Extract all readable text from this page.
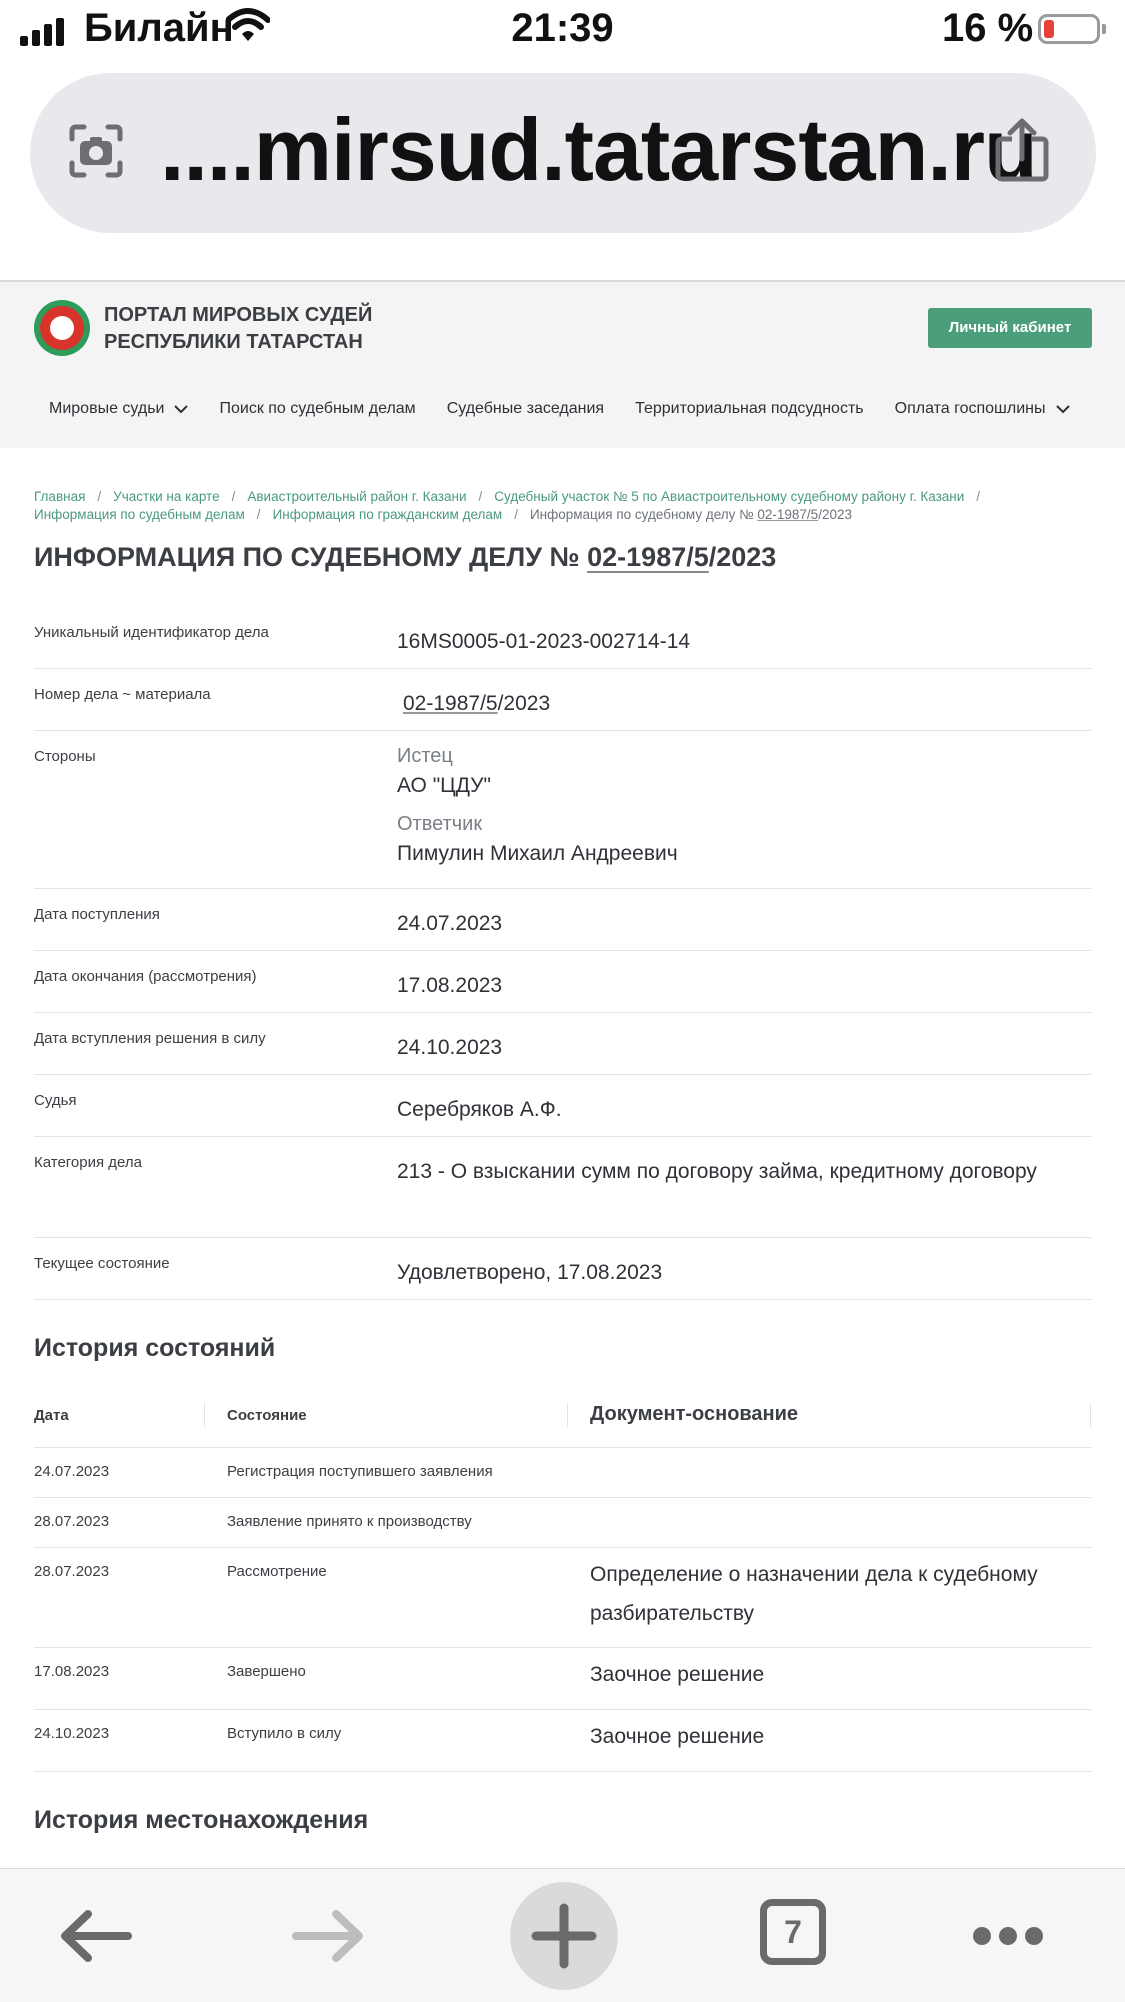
Билайн	21:39	16 %
....mirsud.tatarstan.ru
ПОРТАЛ МИРОВЫХ СУДЕЙ
РЕСПУБЛИКИ ТАТАРСТАН
Личный кабинет
Мировые судьи	Поиск по судебным делам Судебные заседания Территориальная подсудность Оплата госпошлины
Главная / Участки на карте / Авиастроительный район г. Казани / Судебный участок № 5 по Авиастроительному судебному району г. Казани /
Информация по судебным делам / Информация по гражданским делам / Информация по судебному делу № 02-1987/5/2023
ИНФОРМАЦИЯ ПО СУДЕБНОМУ ДЕЛУ № 02-1987/5/2023
Уникальный идентификатор дела	16MS0005-01-2023-002714-14
Номер дела ~ материала	02-1987/5/2023
Стороны	Истец
АО "ЦДУ"
Ответчик
Пимулин Михаил Андреевич
Дата поступления	24.07.2023
Дата окончания (рассмотрения)	17.08.2023
Дата вступления решения в силу	24.10.2023
Судья	Серебряков А.Ф.
Категория дела	213 - О взыскании сумм по договору займа, кредитному договору
Текущее состояние	Удовлетворено, 17.08.2023
История состояний
Дата	Состояние	Документ-основание
24.07.2023	Регистрация поступившего заявления
28.07.2023	Заявление принято к производству
28.07.2023	Рассмотрение	Определение о назначении дела к судебному разбирательству
17.08.2023	Завершено	Заочное решение
24.10.2023	Вступило в силу	Заочное решение
История местонахождения
7
